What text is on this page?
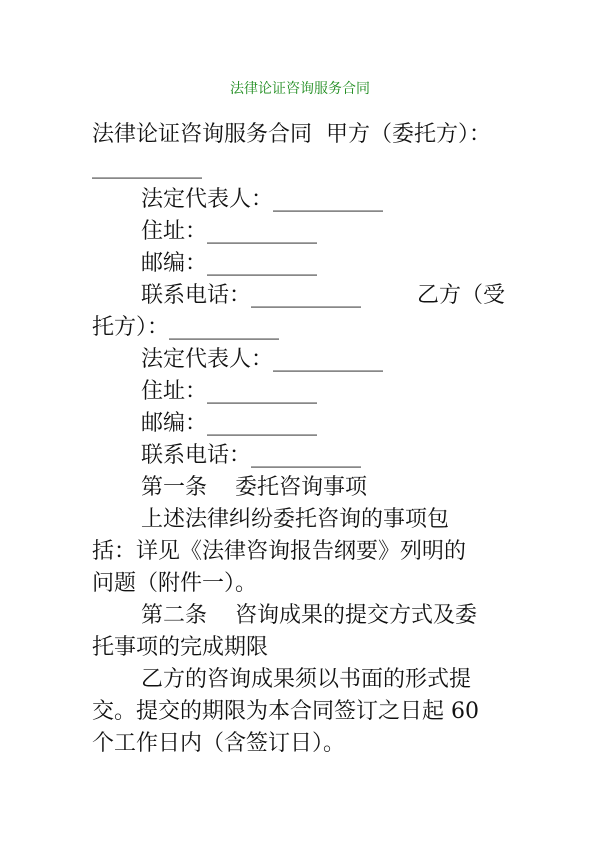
法律论证咨询服务合同
法律论证咨询服务合同  甲方（委托方）：
__________
法定代表人：__________
住址：__________
邮编：__________
联系电话：__________	乙方（受
托方）：__________
法定代表人：__________
住址：__________
邮编：__________
联系电话：__________
第一条    委托咨询事项
上述法律纠纷委托咨询的事项包
括：详见《法律咨询报告纲要》列明的
问题（附件一）。
第二条    咨询成果的提交方式及委
托事项的完成期限
乙方的咨询成果须以书面的形式提
交。提交的期限为本合同签订之日起 60
个工作日内（含签订日）。
